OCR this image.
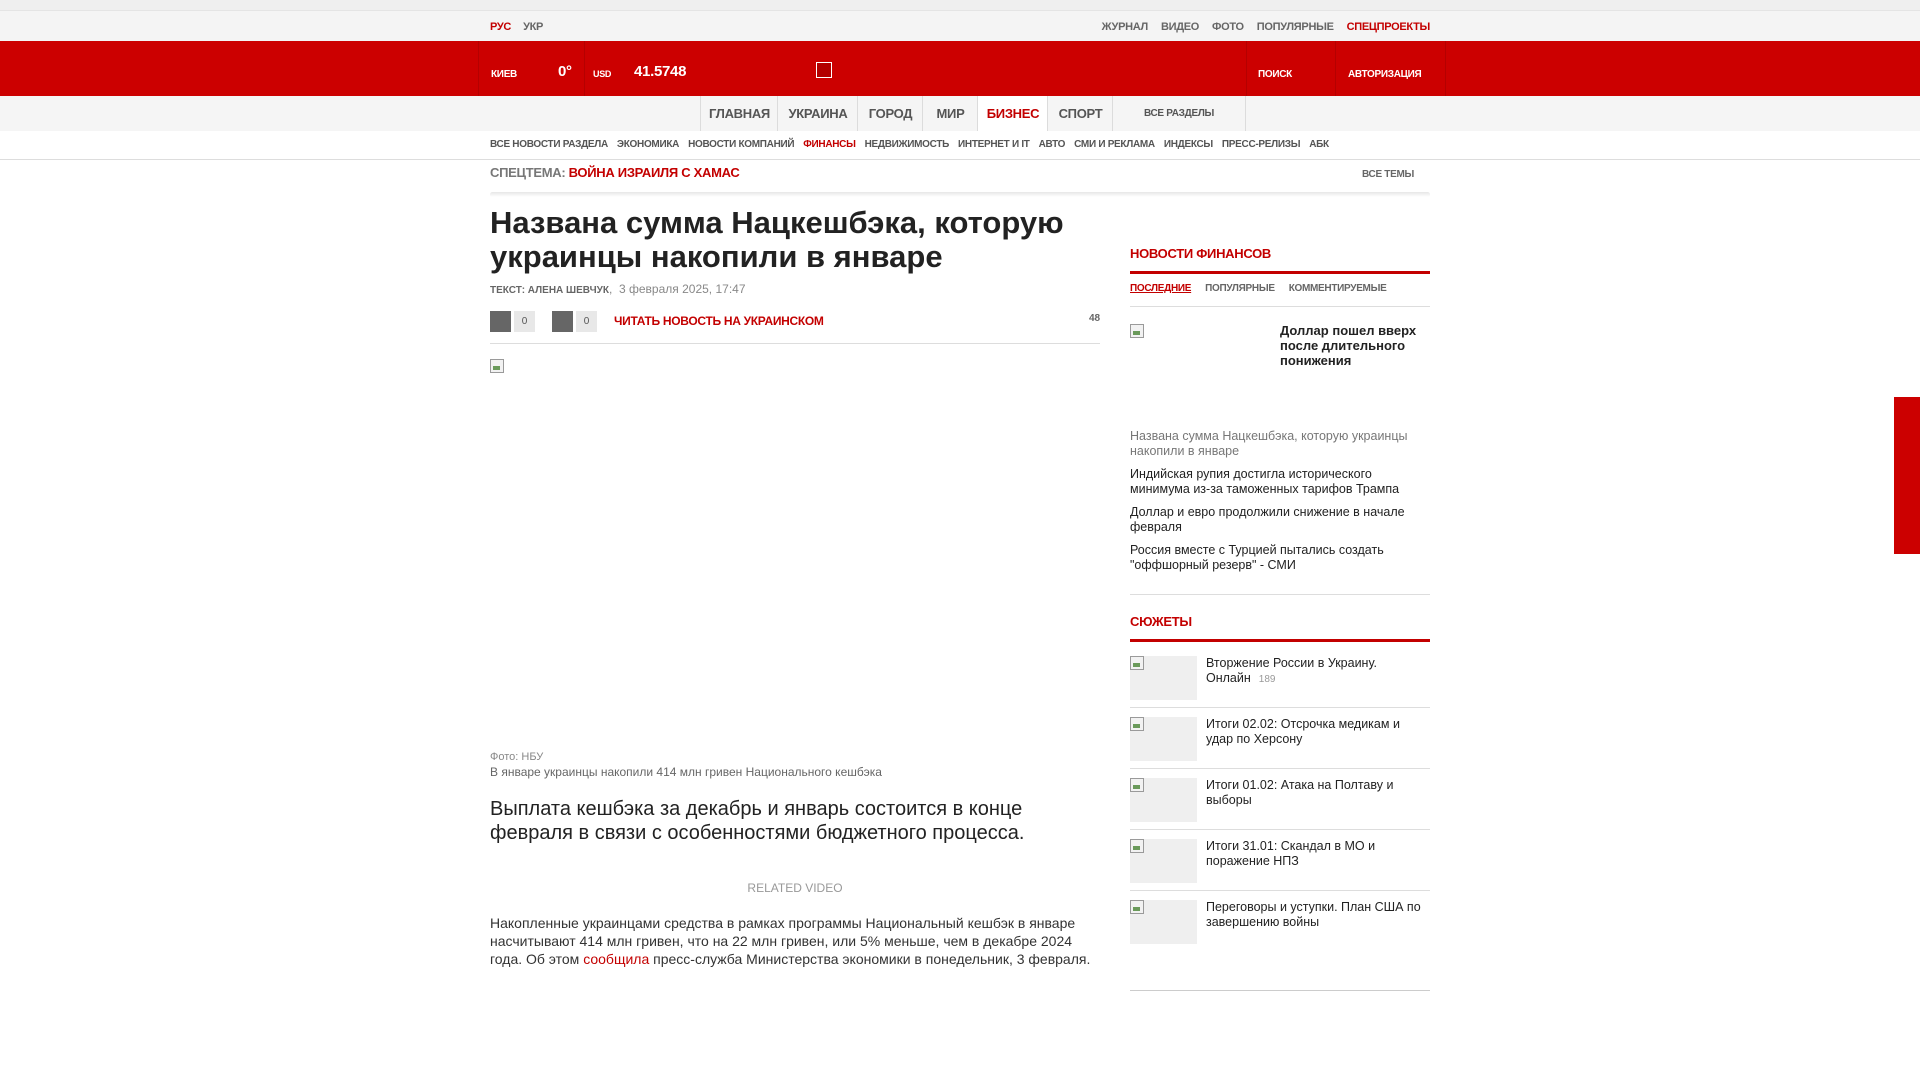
РУС УКР	ЖУРНАЛ ВИДЕО ФОТО ПОПУЛЯРНЫЕ СПЕЦПРОЕКТЫ
КИЕВ	0° USD 41.5748	ПОИСК	АВТОРИЗАЦИЯ
ГЛАВНАЯ	УКРАИНА	ГОРОД	МИР	БИЗНЕС	СПОРТ	ВСЕ РАЗДЕЛЫ
ВСЕ НОВОСТИ РАЗДЕЛА ЭКОНОМИКА НОВОСТИ КОМПАНИЙ ФИНАНСЫ НЕДВИЖИМОСТЬ ИНТЕРНЕТ И IT АВТО СМИ И РЕКЛАМА ИНДЕКСЫ ПРЕСС-РЕЛИЗЫ АБК
СПЕЦТЕМА: ВОЙНА ИЗРАИЛЯ С ХАМАС	ВСЕ ТЕМЫ
Названа сумма Нацкешбэка, которую украинцы накопили в январе
ТЕКСТ: АЛЕНА ШЕВЧУК,  3 февраля 2025, 17:47
0	0	ЧИТАТЬ НОВОСТЬ НА УКРАИНСКОМ	48
Фото: НБУ
В январе украинцы накопили 414 млн гривен Национального кешбэка
Выплата кешбэка за декабрь и январь состоится в конце февраля в связи с особенностями бюджетного процесса.
RELATED VIDEO
Накопленные украинцами средства в рамках программы Национальный кешбэк в январе насчитывают 414 млн гривен, что на 22 млн гривен, или 5% меньше, чем в декабре 2024 года. Об этом сообщила пресс-служба Министерства экономики в понедельник, 3 февраля.
НОВОСТИ ФИНАНСОВ
ПОСЛЕДНИЕ ПОПУЛЯРНЫЕ КОММЕНТИРУЕМЫЕ
Доллар пошел вверх после длительного понижения
Названа сумма Нацкешбэка, которую украинцы накопили в январе
Индийская рупия достигла исторического минимума из-за таможенных тарифов Трампа
Доллар и евро продолжили снижение в начале февраля
Россия вместе с Турцией пытались создать "оффшорный резерв" - СМИ
СЮЖЕТЫ
Вторжение России в Украину. Онлайн 189
Итоги 02.02: Отсрочка медикам и удар по Херсону
Итоги 01.02: Атака на Полтаву и выборы
Итоги 31.01: Скандал в МО и поражение НПЗ
Переговоры и уступки. План США по завершению войны
